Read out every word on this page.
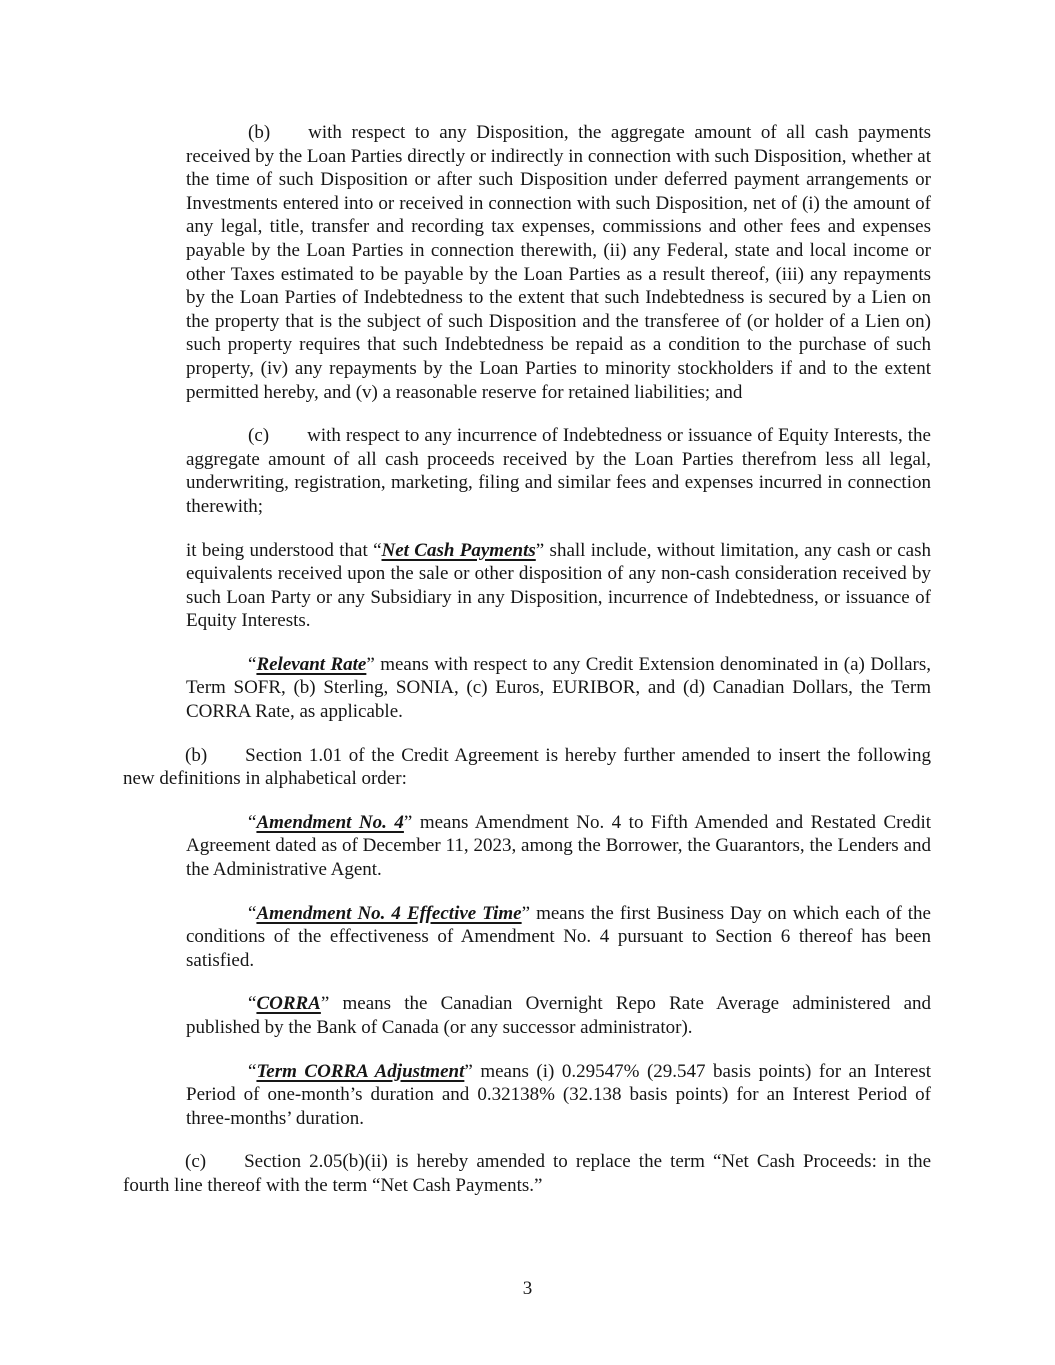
(b) with respect to any Disposition, the aggregate amount of all cash payments received by the Loan Parties directly or indirectly in connection with such Disposition, whether at the time of such Disposition or after such Disposition under deferred payment arrangements or Investments entered into or received in connection with such Disposition, net of (i) the amount of any legal, title, transfer and recording tax expenses, commissions and other fees and expenses payable by the Loan Parties in connection therewith, (ii) any Federal, state and local income or other Taxes estimated to be payable by the Loan Parties as a result thereof, (iii) any repayments by the Loan Parties of Indebtedness to the extent that such Indebtedness is secured by a Lien on the property that is the subject of such Disposition and the transferee of (or holder of a Lien on) such property requires that such Indebtedness be repaid as a condition to the purchase of such property, (iv) any repayments by the Loan Parties to minority stockholders if and to the extent permitted hereby, and (v) a reasonable reserve for retained liabilities; and

(c) with respect to any incurrence of Indebtedness or issuance of Equity Interests, the aggregate amount of all cash proceeds received by the Loan Parties therefrom less all legal, underwriting, registration, marketing, filing and similar fees and expenses incurred in connection therewith;

it being understood that “Net Cash Payments” shall include, without limitation, any cash or cash equivalents received upon the sale or other disposition of any non-cash consideration received by such Loan Party or any Subsidiary in any Disposition, incurrence of Indebtedness, or issuance of Equity Interests.

“Relevant Rate” means with respect to any Credit Extension denominated in (a) Dollars, Term SOFR, (b) Sterling, SONIA, (c) Euros, EURIBOR, and (d) Canadian Dollars, the Term CORRA Rate, as applicable.

(b) Section 1.01 of the Credit Agreement is hereby further amended to insert the following new definitions in alphabetical order:

“Amendment No. 4” means Amendment No. 4 to Fifth Amended and Restated Credit Agreement dated as of December 11, 2023, among the Borrower, the Guarantors, the Lenders and the Administrative Agent.

“Amendment No. 4 Effective Time” means the first Business Day on which each of the conditions of the effectiveness of Amendment No. 4 pursuant to Section 6 thereof has been satisfied.

“CORRA” means the Canadian Overnight Repo Rate Average administered and published by the Bank of Canada (or any successor administrator).

“Term CORRA Adjustment” means (i) 0.29547% (29.547 basis points) for an Interest Period of one-month’s duration and 0.32138% (32.138 basis points) for an Interest Period of three-months’ duration.

(c) Section 2.05(b)(ii) is hereby amended to replace the term “Net Cash Proceeds: in the fourth line thereof with the term “Net Cash Payments.”

3
